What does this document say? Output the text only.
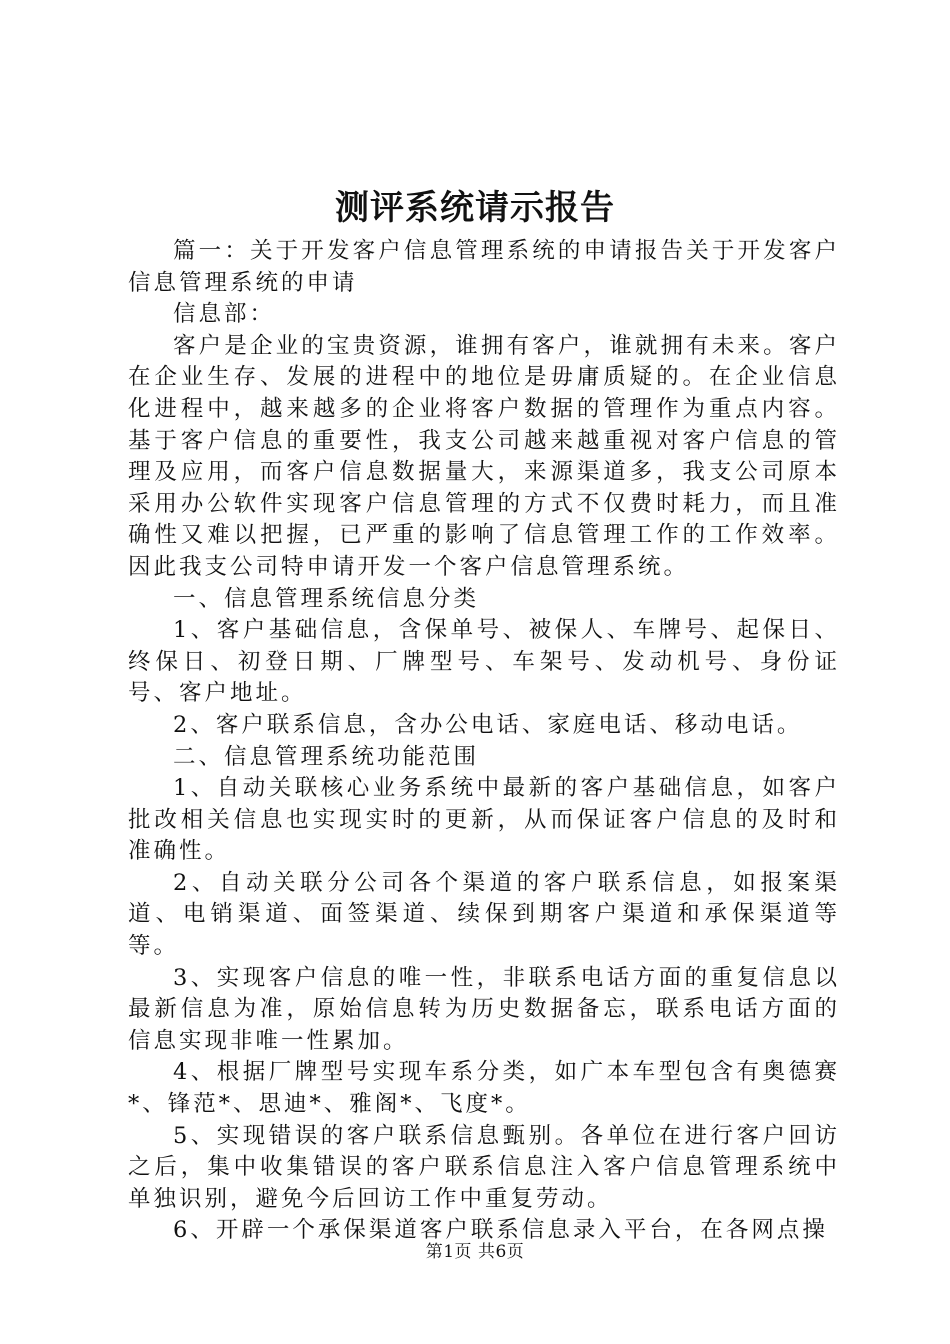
测评系统请示报告

篇一：关于开发客户信息管理系统的申请报告关于开发客户信息管理系统的申请

信息部：

客户是企业的宝贵资源，谁拥有客户，谁就拥有未来。客户在企业生存、发展的进程中的地位是毋庸质疑的。在企业信息化进程中，越来越多的企业将客户数据的管理作为重点内容。基于客户信息的重要性，我支公司越来越重视对客户信息的管理及应用，而客户信息数据量大，来源渠道多，我支公司原本采用办公软件实现客户信息管理的方式不仅费时耗力，而且准确性又难以把握，已严重的影响了信息管理工作的工作效率。因此我支公司特申请开发一个客户信息管理系统。

一、信息管理系统信息分类

1、客户基础信息，含保单号、被保人、车牌号、起保日、终保日、初登日期、厂牌型号、车架号、发动机号、身份证号、客户地址。

2、客户联系信息，含办公电话、家庭电话、移动电话。

二、信息管理系统功能范围

1、自动关联核心业务系统中最新的客户基础信息，如客户批改相关信息也实现实时的更新，从而保证客户信息的及时和准确性。

2、自动关联分公司各个渠道的客户联系信息，如报案渠道、电销渠道、面签渠道、续保到期客户渠道和承保渠道等等。

3、实现客户信息的唯一性，非联系电话方面的重复信息以最新信息为准，原始信息转为历史数据备忘，联系电话方面的信息实现非唯一性累加。

4、根据厂牌型号实现车系分类，如广本车型包含有奥德赛*、锋范*、思迪*、雅阁*、飞度*。

5、实现错误的客户联系信息甄别。各单位在进行客户回访之后，集中收集错误的客户联系信息注入客户信息管理系统中单独识别，避免今后回访工作中重复劳动。

6、开辟一个承保渠道客户联系信息录入平台，在各网点操

第1页 共6页
